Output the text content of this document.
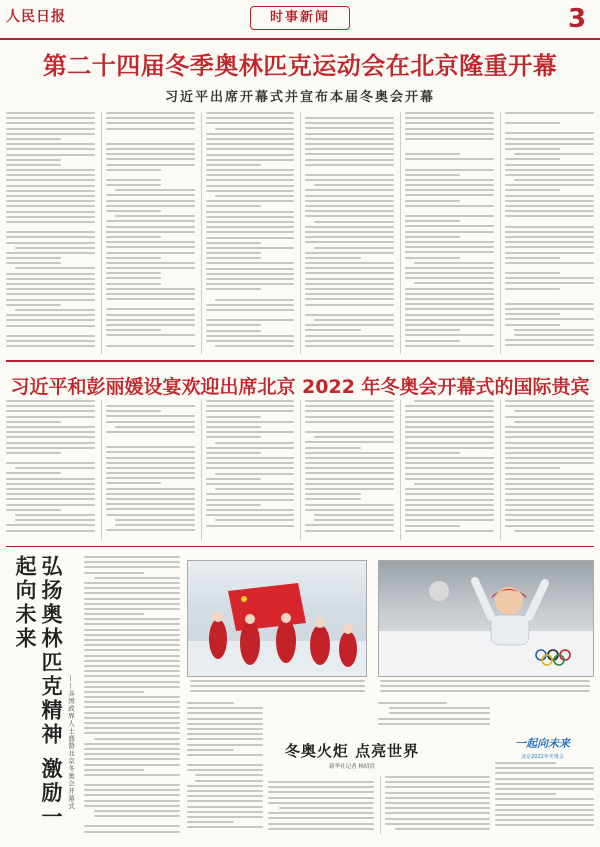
人民日报	时事新闻	3
第二十四届冬季奥林匹克运动会在北京隆重开幕
习近平出席开幕式并宣布本届冬奥会开幕
习近平和彭丽媛设宴欢迎出席北京 2022 年冬奥会开幕式的国际贵宾
弘扬奥林匹克精神 激励一起向未来
——各国政界人士盛赞北京冬奥会开幕式	冬奥火炬 点亮世界
新华社记者 杨绍洪
一起向未来
北京2022年冬奥会
